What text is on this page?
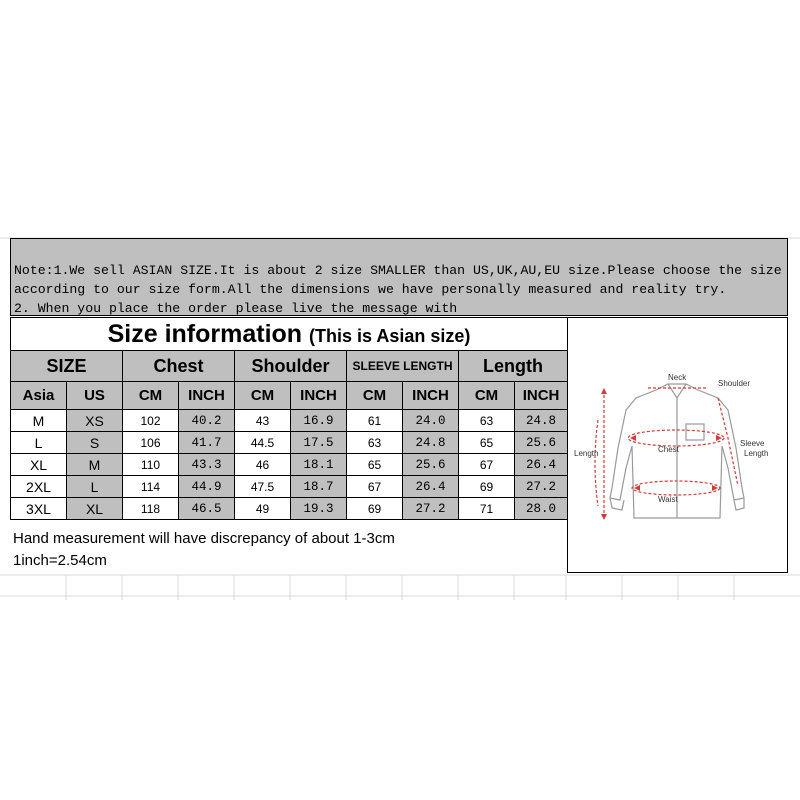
Note:1.We sell ASIAN SIZE.It is about 2 size SMALLER than US,UK,AU,EU size.Please choose the size
according to our size form.All the dimensions we have personally measured and reality try.
2. When you place the order please live the message with
Size information (This is Asian size)									
SIZE		Chest		Shoulder		SLEEVE LENGTH		Length	
Asia	US	CM	INCH	CM	INCH	CM	INCH	CM	INCH
M	XS	102	40.2	43	16.9	61	24.0	63	24.8
L	S	106	41.7	44.5	17.5	63	24.8	65	25.6
XL	M	110	43.3	46	18.1	65	25.6	67	26.4
2XL	L	114	44.9	47.5	18.7	67	26.4	69	27.2
3XL	XL	118	46.5	49	19.3	69	27.2	71	28.0
Hand measurement will have discrepancy of about 1-3cm
1inch=2.54cm
Neck
Shoulder
Sleeve
Length
Length	Chest
Waist
